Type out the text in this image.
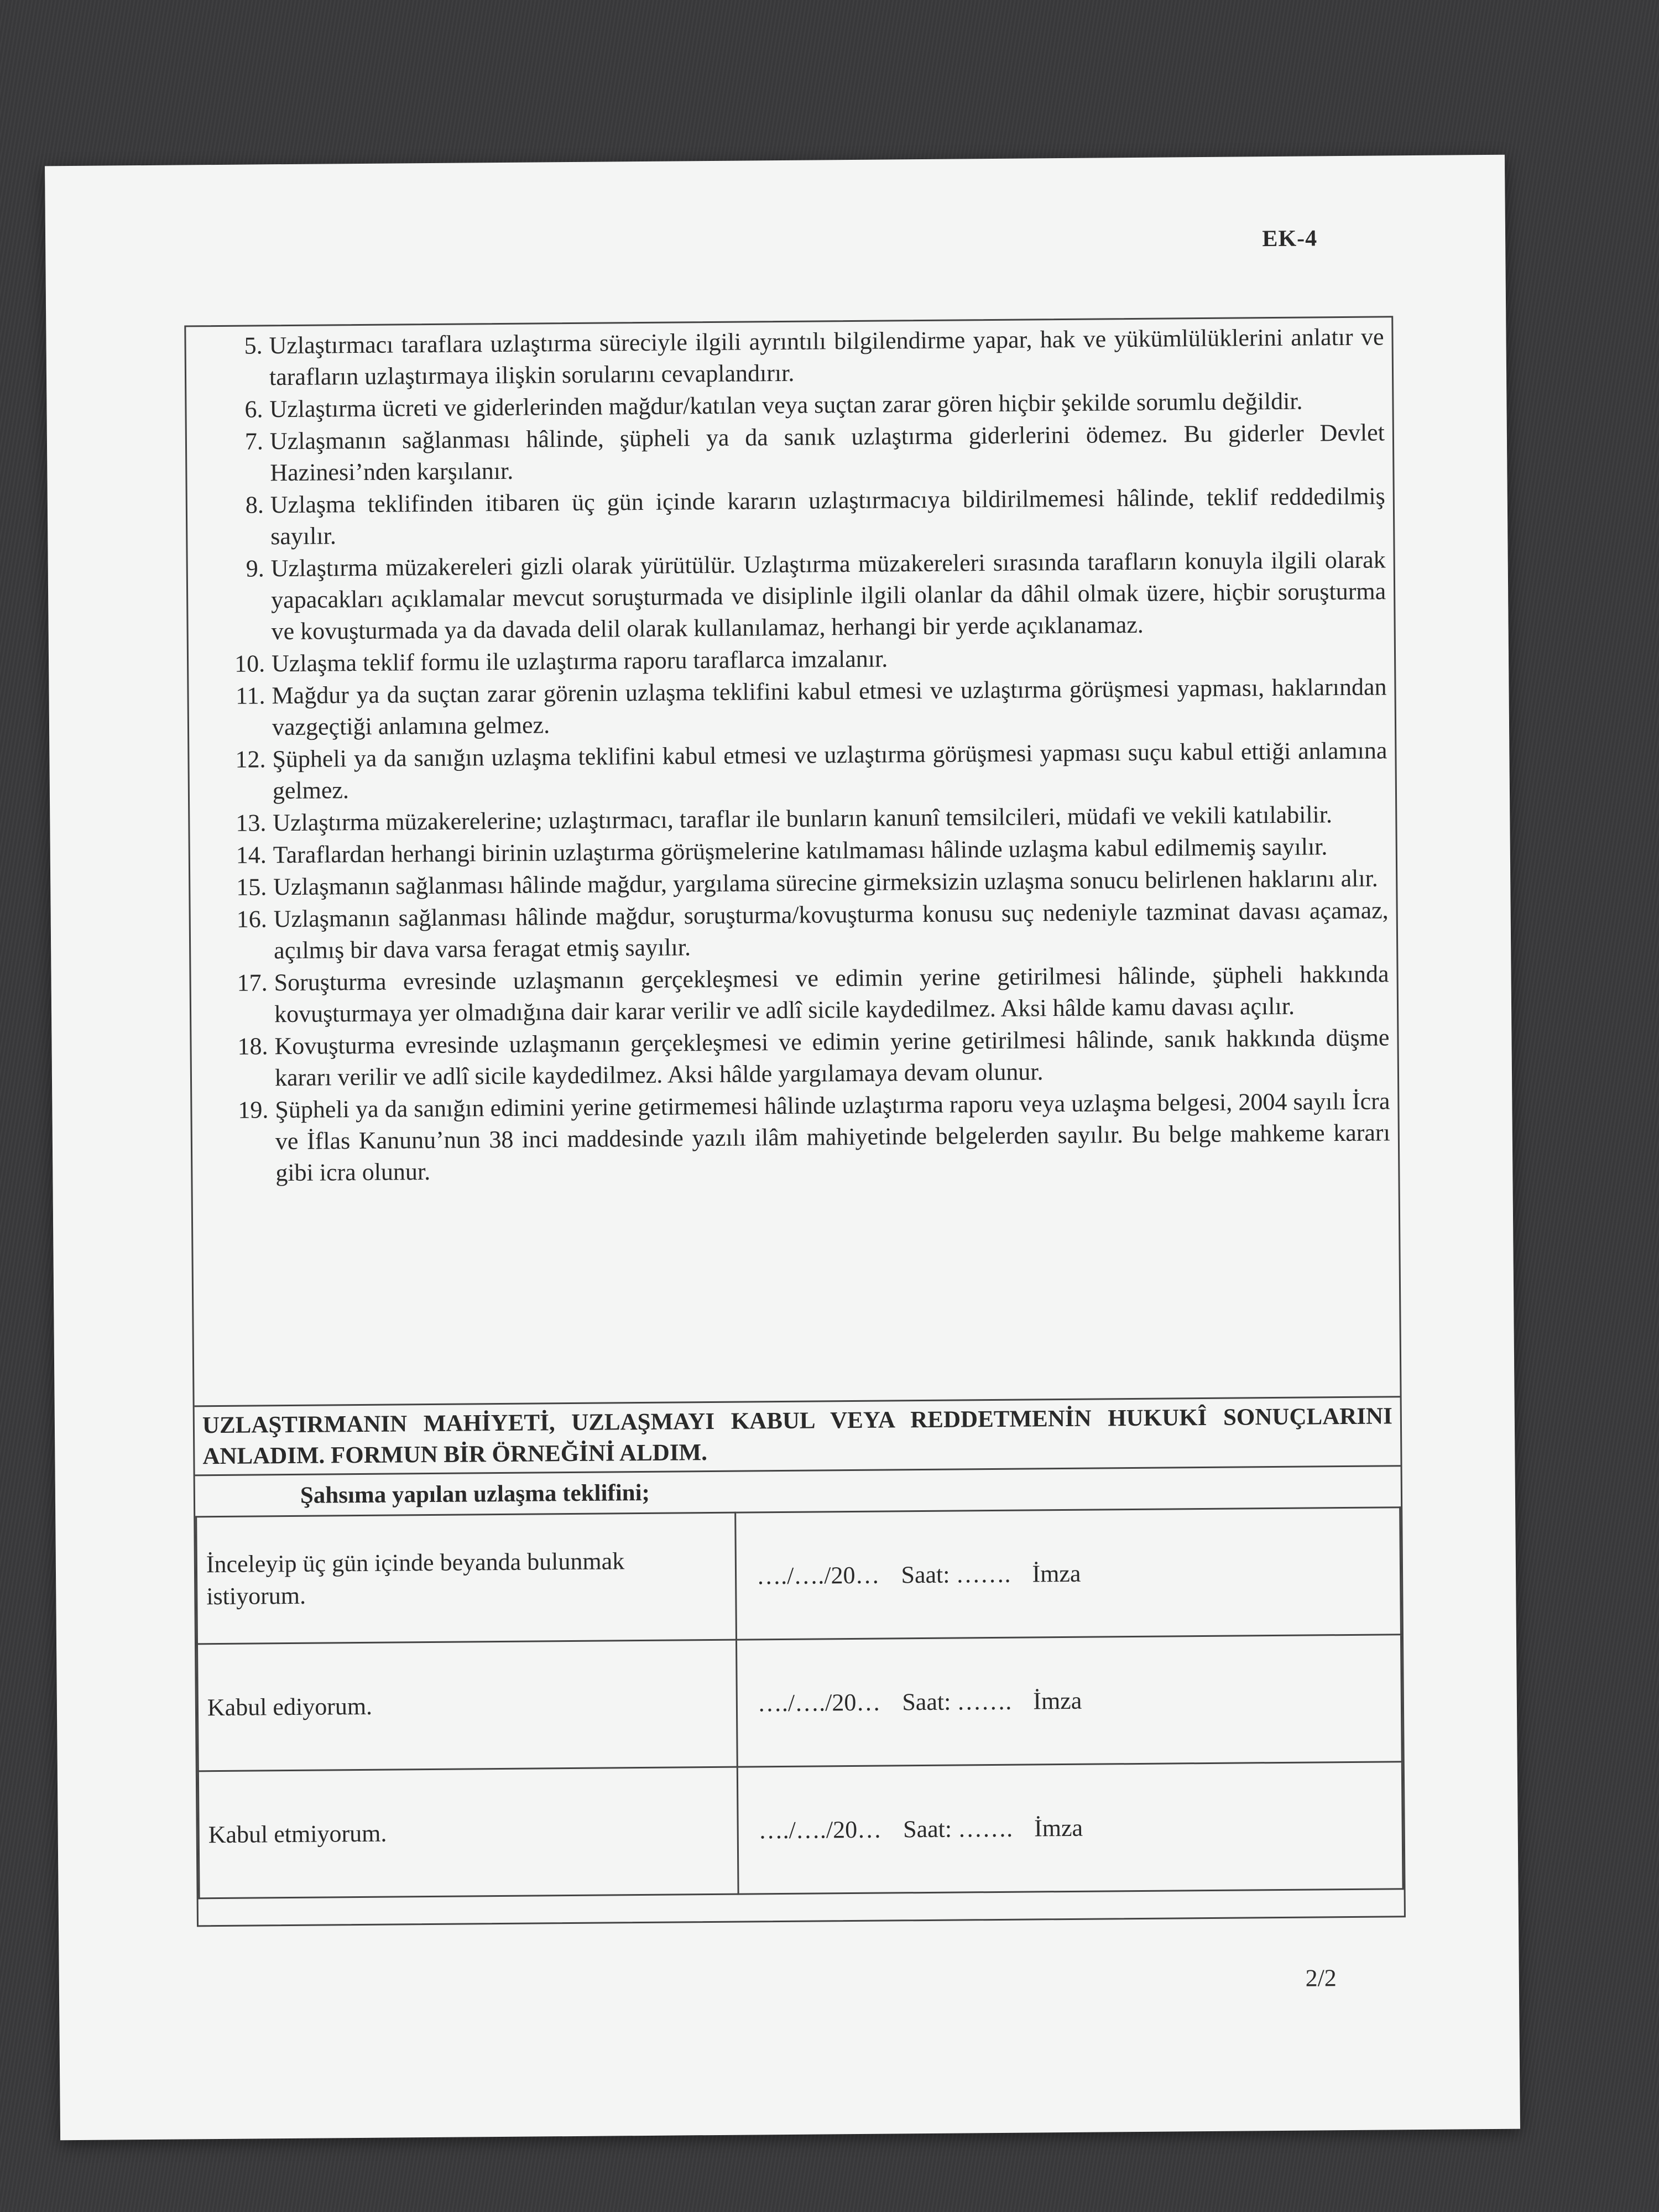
EK-4
5. Uzlaştırmacı taraflara uzlaştırma süreciyle ilgili ayrıntılı bilgilendirme yapar, hak ve yükümlülüklerini anlatır ve tarafların uzlaştırmaya ilişkin sorularını cevaplandırır.
6. Uzlaştırma ücreti ve giderlerinden mağdur/katılan veya suçtan zarar gören hiçbir şekilde sorumlu değildir.
7. Uzlaşmanın sağlanması hâlinde, şüpheli ya da sanık uzlaştırma giderlerini ödemez. Bu giderler Devlet Hazinesi’nden karşılanır.
8. Uzlaşma teklifinden itibaren üç gün içinde kararın uzlaştırmacıya bildirilmemesi hâlinde, teklif reddedilmiş sayılır.
9. Uzlaştırma müzakereleri gizli olarak yürütülür. Uzlaştırma müzakereleri sırasında tarafların konuyla ilgili olarak yapacakları açıklamalar mevcut soruşturmada ve disiplinle ilgili olanlar da dâhil olmak üzere, hiçbir soruşturma ve kovuşturmada ya da davada delil olarak kullanılamaz, herhangi bir yerde açıklanamaz.
10. Uzlaşma teklif formu ile uzlaştırma raporu taraflarca imzalanır.
11. Mağdur ya da suçtan zarar görenin uzlaşma teklifini kabul etmesi ve uzlaştırma görüşmesi yapması, haklarından vazgeçtiği anlamına gelmez.
12. Şüpheli ya da sanığın uzlaşma teklifini kabul etmesi ve uzlaştırma görüşmesi yapması suçu kabul ettiği anlamına gelmez.
13. Uzlaştırma müzakerelerine; uzlaştırmacı, taraflar ile bunların kanunî temsilcileri, müdafi ve vekili katılabilir.
14. Taraflardan herhangi birinin uzlaştırma görüşmelerine katılmaması hâlinde uzlaşma kabul edilmemiş sayılır.
15. Uzlaşmanın sağlanması hâlinde mağdur, yargılama sürecine girmeksizin uzlaşma sonucu belirlenen haklarını alır.
16. Uzlaşmanın sağlanması hâlinde mağdur, soruşturma/kovuşturma konusu suç nedeniyle tazminat davası açamaz, açılmış bir dava varsa feragat etmiş sayılır.
17. Soruşturma evresinde uzlaşmanın gerçekleşmesi ve edimin yerine getirilmesi hâlinde, şüpheli hakkında kovuşturmaya yer olmadığına dair karar verilir ve adlî sicile kaydedilmez. Aksi hâlde kamu davası açılır.
18. Kovuşturma evresinde uzlaşmanın gerçekleşmesi ve edimin yerine getirilmesi hâlinde, sanık hakkında düşme kararı verilir ve adlî sicile kaydedilmez. Aksi hâlde yargılamaya devam olunur.
19. Şüpheli ya da sanığın edimini yerine getirmemesi hâlinde uzlaştırma raporu veya uzlaşma belgesi, 2004 sayılı İcra ve İflas Kanunu’nun 38 inci maddesinde yazılı ilâm mahiyetinde belgelerden sayılır. Bu belge mahkeme kararı gibi icra olunur.
UZLAŞTIRMANIN MAHİYETİ, UZLAŞMAYI KABUL VEYA REDDETMENİN HUKUKÎ SONUÇLARINI ANLADIM. FORMUN BİR ÖRNEĞİNİ ALDIM.
Şahsıma yapılan uzlaşma teklifini;
İnceleyip üç gün içinde beyanda bulunmak istiyorum.	…./…./20… Saat: ……. İmza
Kabul ediyorum.	…./…./20… Saat: ……. İmza
Kabul etmiyorum.	…./…./20… Saat: ……. İmza
2/2
